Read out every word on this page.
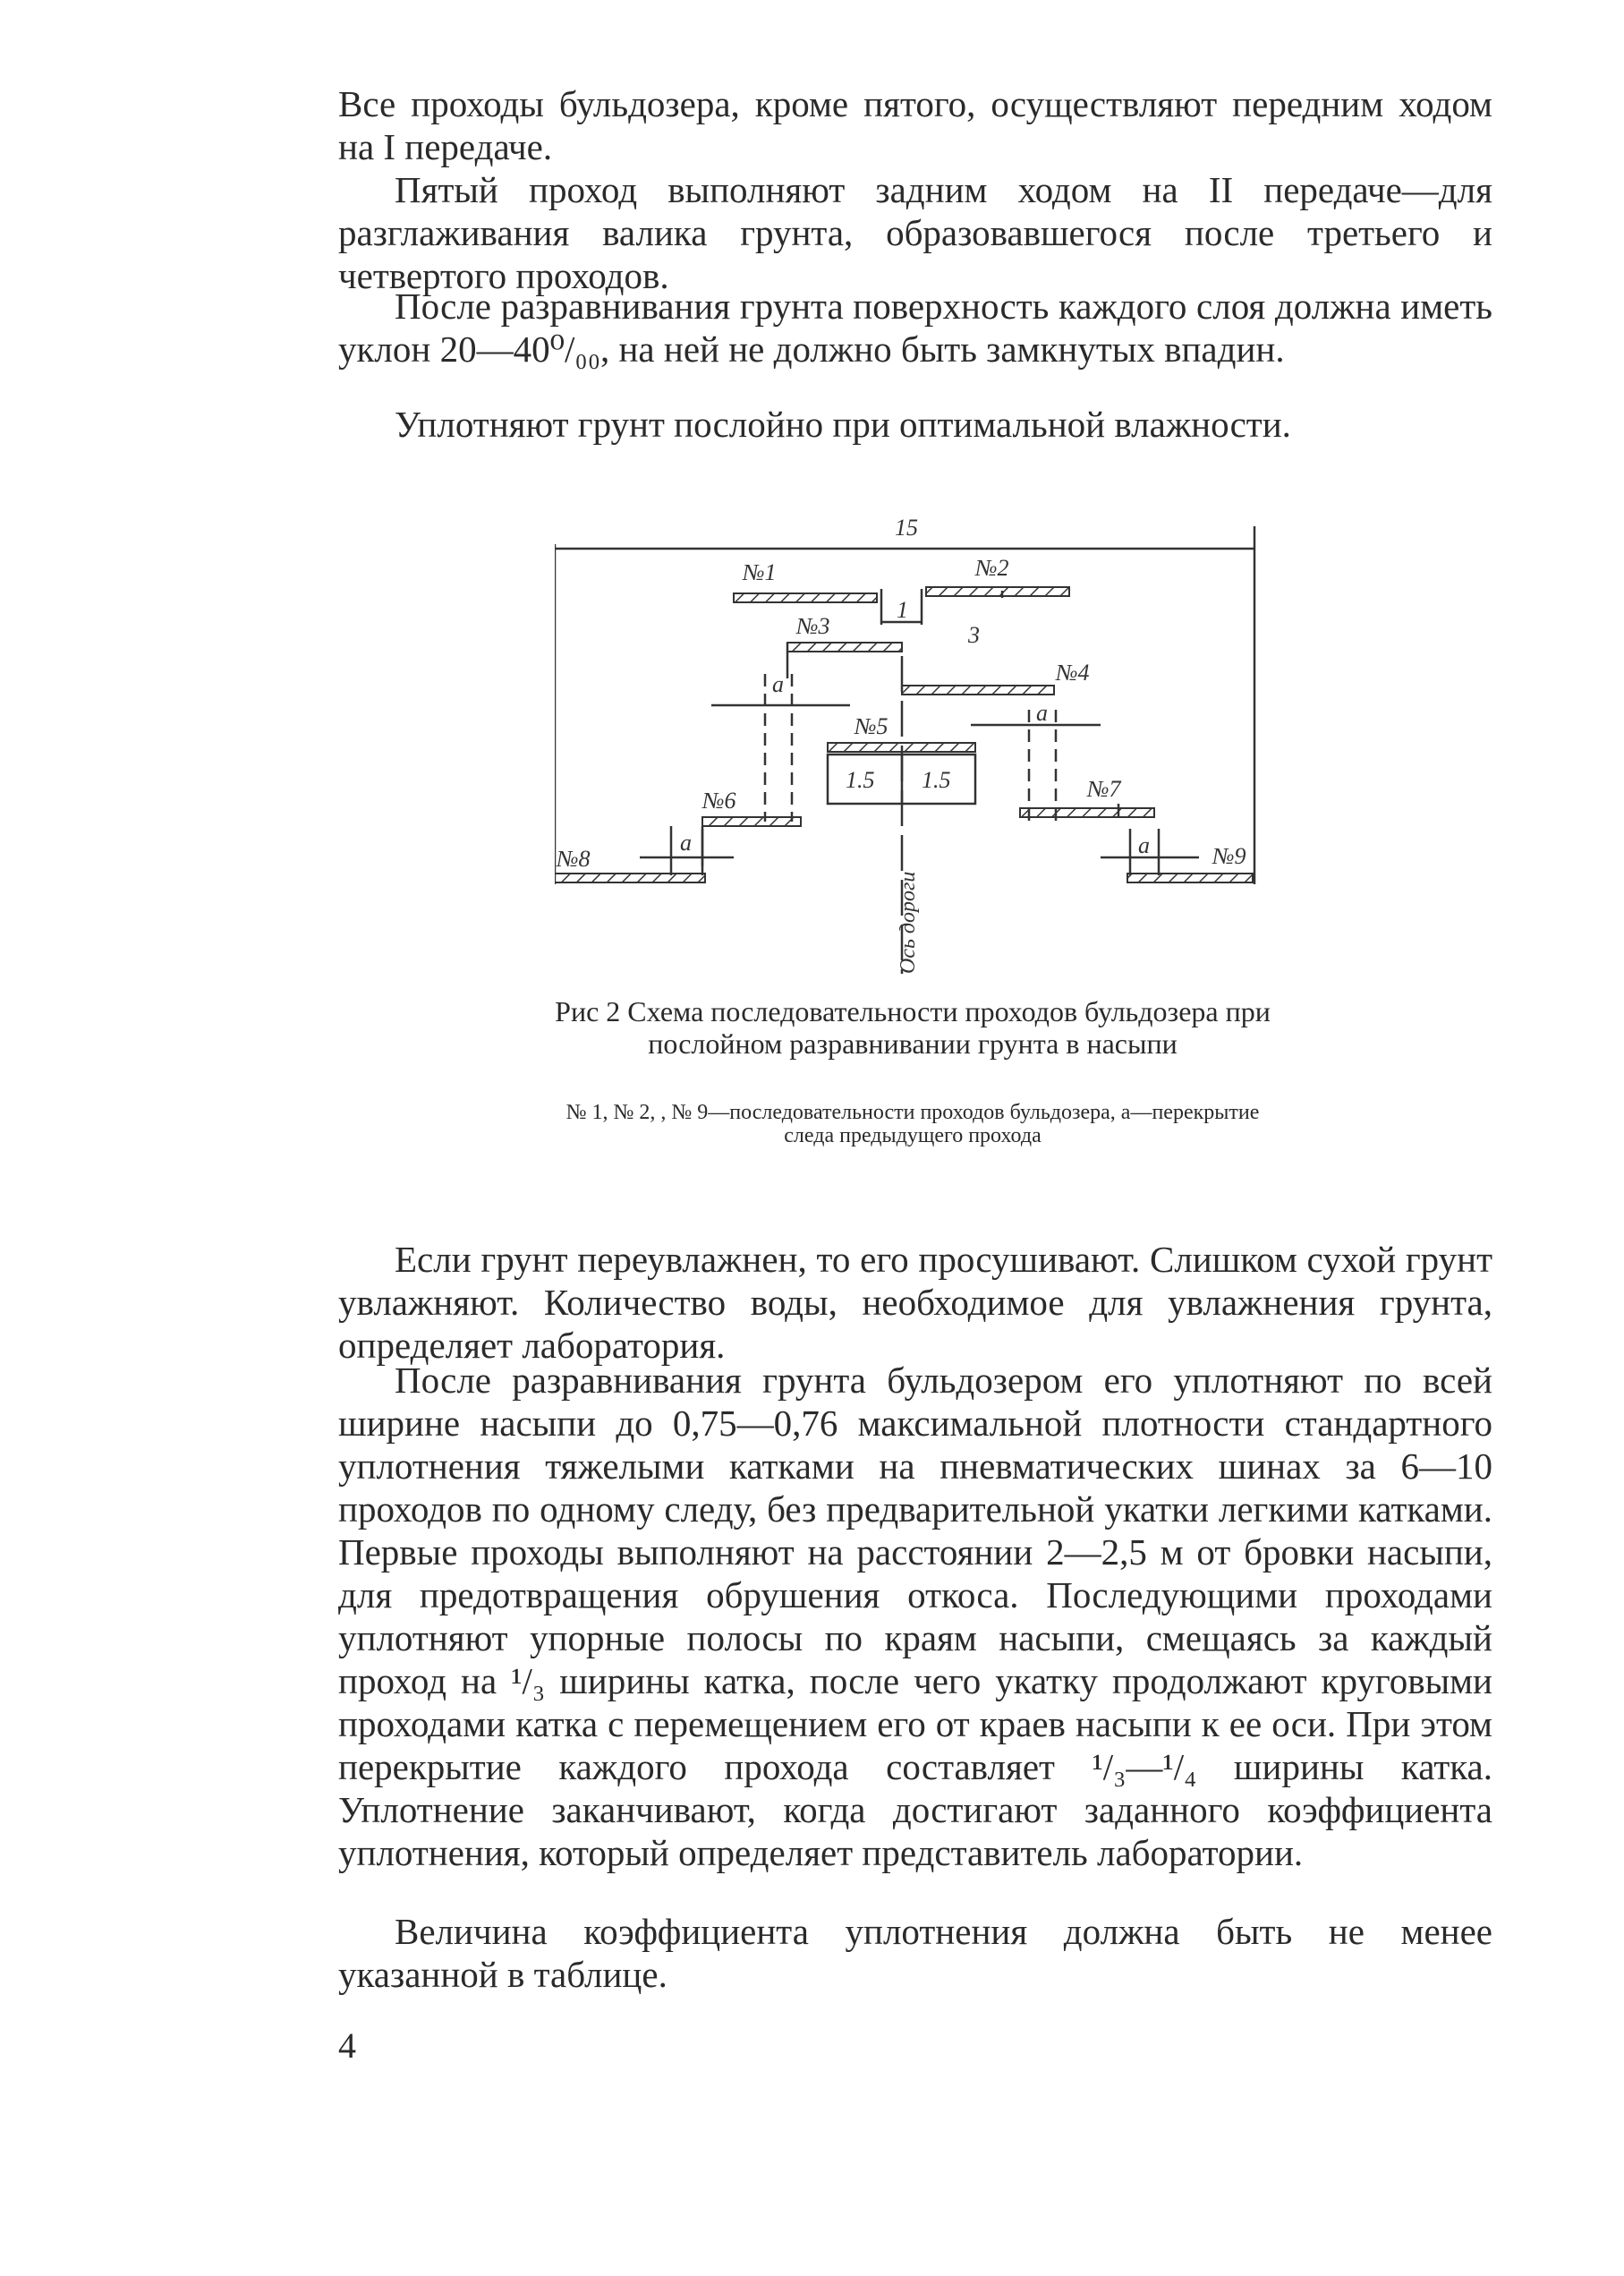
Все проходы бульдозера, кроме пятого, осуществляют передним ходом на I передаче.

Пятый проход выполняют задним ходом на II передаче—для разглаживания валика грунта, образовавшегося после третьего и четвертого проходов.

После разравнивания грунта поверхность каждого слоя должна иметь уклон 20—40⁰/₀₀, на ней не должно быть замкнутых впадин.

Уплотняют грунт послойно при оптимальной влажности.

15
№1	№2
№3
№4
№5
№6	№7
№8	№9
1
3
1.5 1.5
a
a
a	a
Ось дороги

Рис 2 Схема последовательности проходов бульдозера при послойном разравнивании грунта в насыпи

№ 1, № 2, , № 9—последовательности проходов бульдозера, a—перекрытие следа предыдущего прохода

Если грунт переувлажнен, то его просушивают. Слишком сухой грунт увлажняют. Количество воды, необходимое для увлажнения грунта, определяет лаборатория.

После разравнивания грунта бульдозером его уплотняют по всей ширине насыпи до 0,75—0,76 максимальной плотности стандартного уплотнения тяжелыми катками на пневматических шинах за 6—10 проходов по одному следу, без предварительной укатки легкими катками. Первые проходы выполняют на расстоянии 2—2,5 м от бровки насыпи, для предотвращения обрушения откоса. Последующими проходами уплотняют упорные полосы по краям насыпи, смещаясь за каждый проход на ¹/₃ ширины катка, после чего укатку продолжают круговыми проходами катка с перемещением его от краев насыпи к ее оси. При этом перекрытие каждого прохода составляет ¹/₃—¹/₄ ширины катка. Уплотнение заканчивают, когда достигают заданного коэффициента уплотнения, который определяет представитель лаборатории.

Величина коэффициента уплотнения должна быть не менее указанной в таблице.

4
